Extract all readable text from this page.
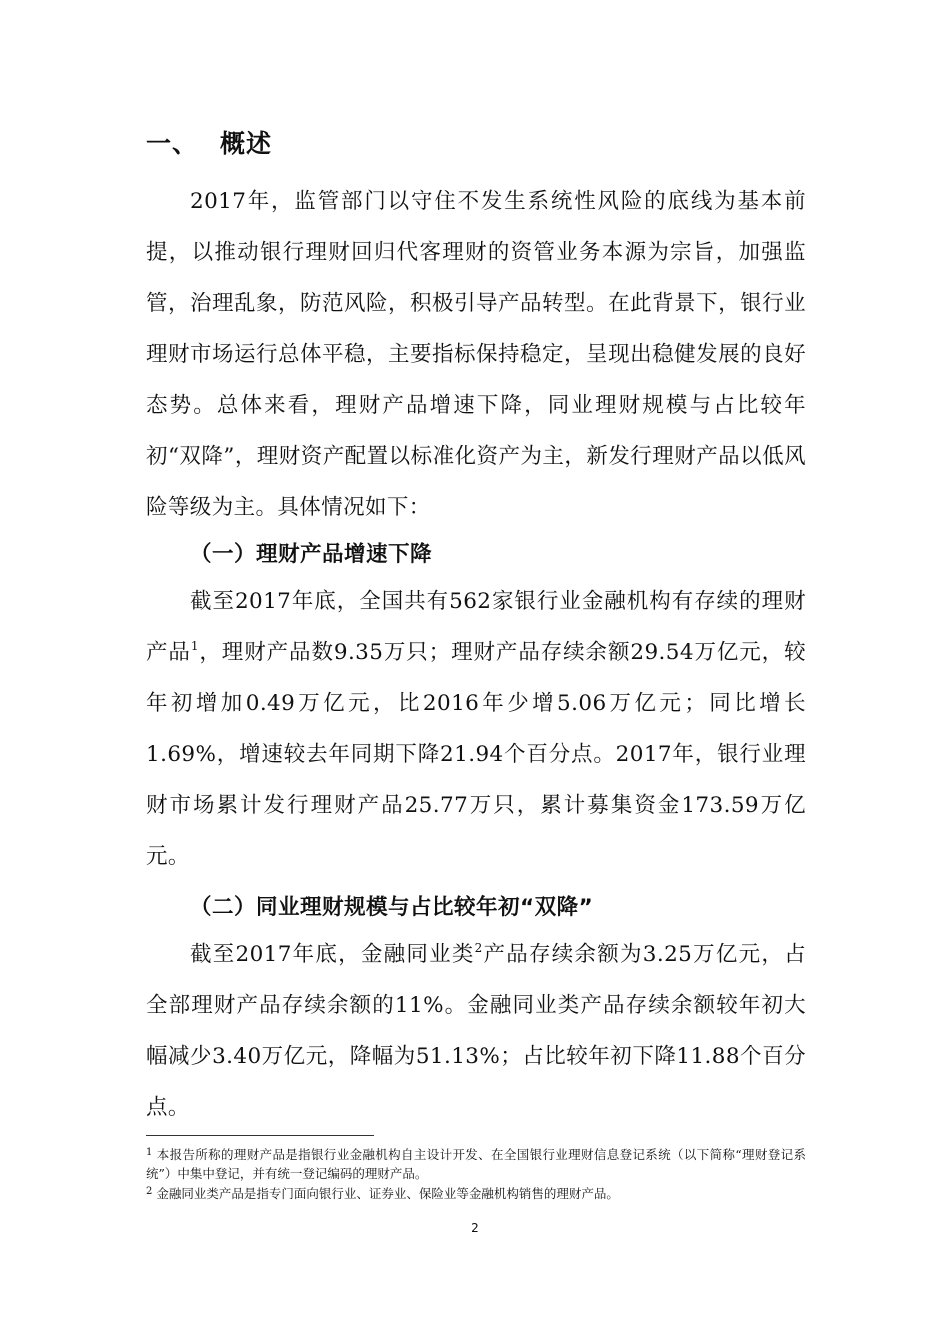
一、 概述

2017年，监管部门以守住不发生系统性风险的底线为基本前提，以推动银行理财回归代客理财的资管业务本源为宗旨，加强监管，治理乱象，防范风险，积极引导产品转型。在此背景下，银行业理财市场运行总体平稳，主要指标保持稳定，呈现出稳健发展的良好态势。总体来看，理财产品增速下降，同业理财规模与占比较年初“双降”，理财资产配置以标准化资产为主，新发行理财产品以低风险等级为主。具体情况如下：

（一）理财产品增速下降

截至2017年底，全国共有562家银行业金融机构有存续的理财产品$^1$，理财产品数9.35万只；理财产品存续余额29.54万亿元，较年初增加0.49万亿元，比2016年少增5.06万亿元；同比增长1.69%，增速较去年同期下降21.94个百分点。2017年，银行业理财市场累计发行理财产品25.77万只，累计募集资金173.59万亿元。

（二）同业理财规模与占比较年初“双降”

截至2017年底，金融同业类$^2$产品存续余额为3.25万亿元，占全部理财产品存续余额的11%。金融同业类产品存续余额较年初大幅减少3.40万亿元，降幅为51.13%；占比较年初下降11.88个百分点。

$^1$ 本报告所称的理财产品是指银行业金融机构自主设计开发、在全国银行业理财信息登记系统（以下简称“理财登记系统”）中集中登记，并有统一登记编码的理财产品。

$^2$ 金融同业类产品是指专门面向银行业、证券业、保险业等金融机构销售的理财产品。

2
